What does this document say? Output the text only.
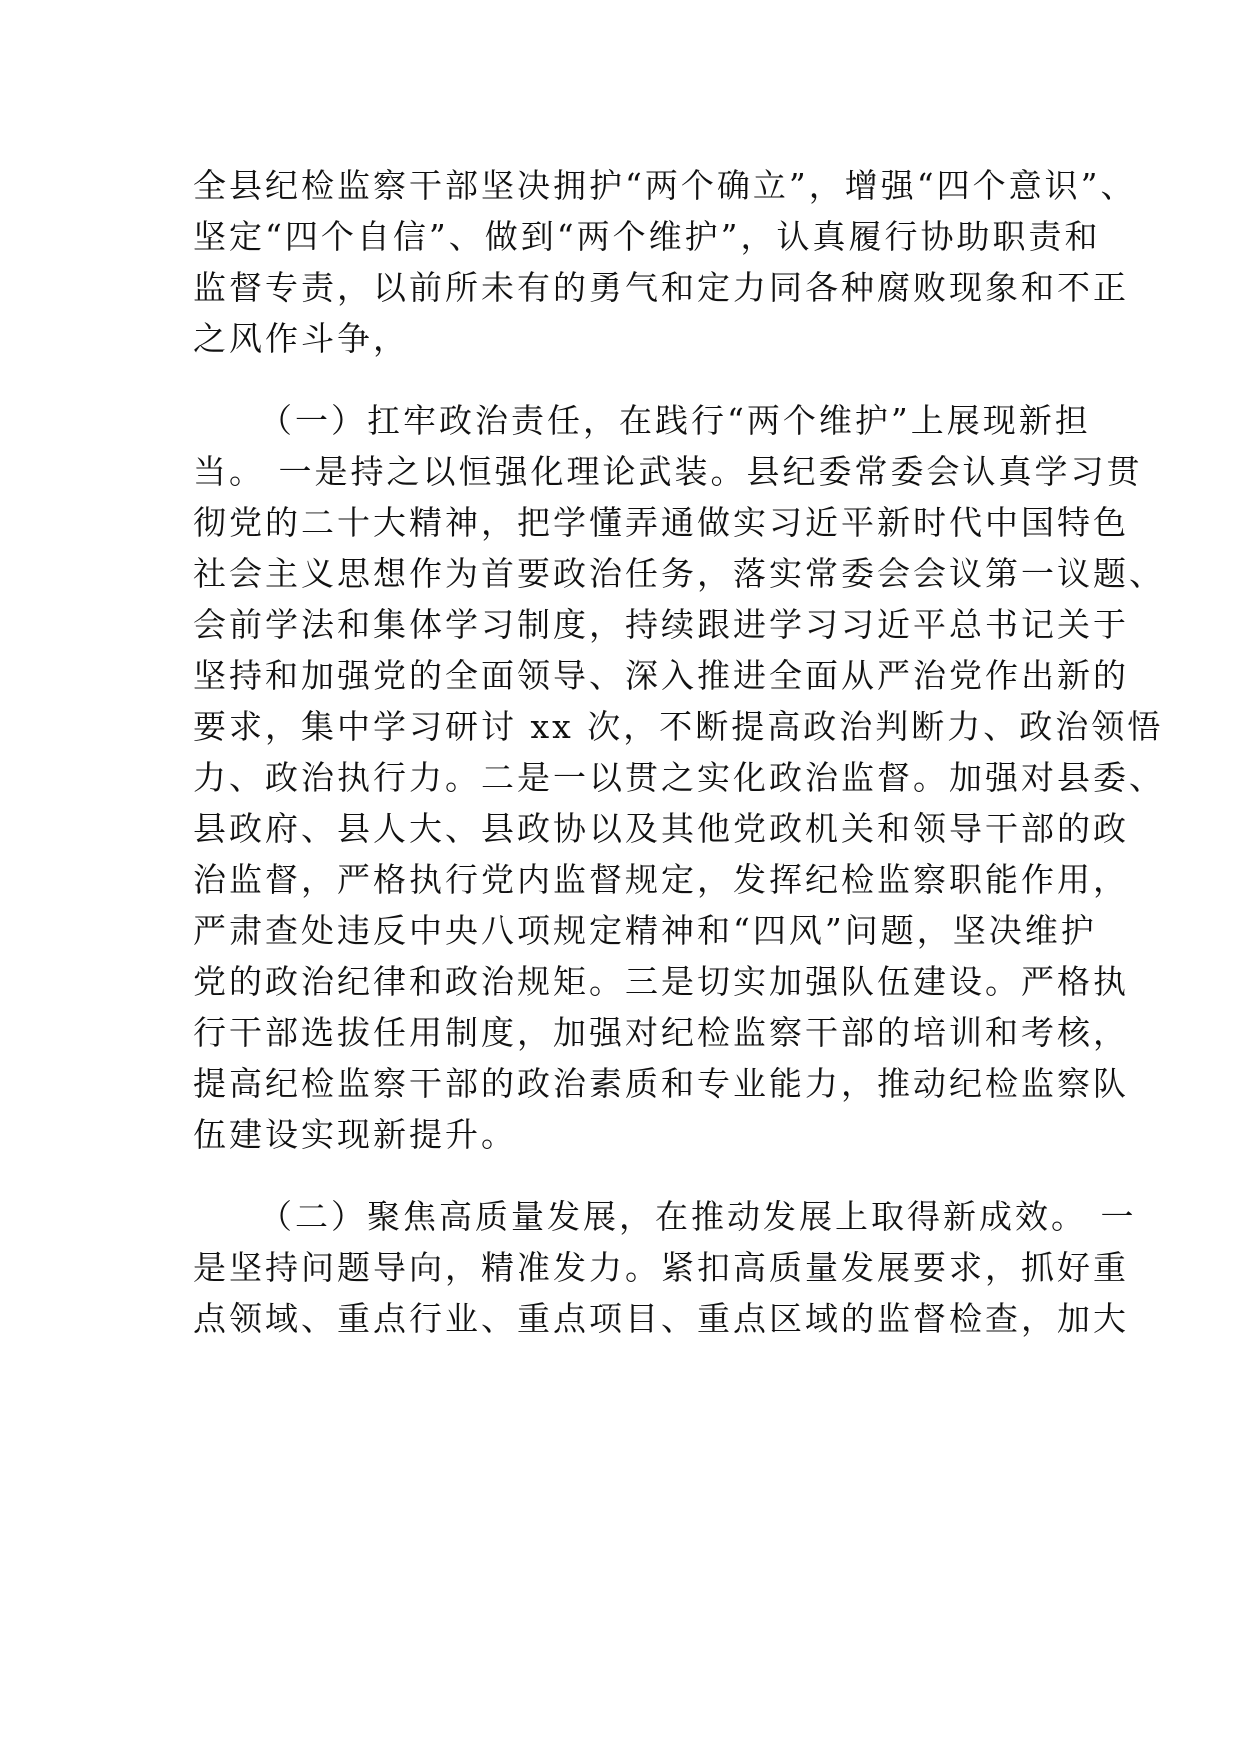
全县纪检监察干部坚决拥护“两个确立”，增强“四个意识”、
坚定“四个自信”、做到“两个维护”，认真履行协助职责和
监督专责，以前所未有的勇气和定力同各种腐败现象和不正
之风作斗争，
（一）扛牢政治责任，在践行“两个维护”上展现新担
当。 一是持之以恒强化理论武装。县纪委常委会认真学习贯
彻党的二十大精神，把学懂弄通做实习近平新时代中国特色
社会主义思想作为首要政治任务，落实常委会会议第一议题、
会前学法和集体学习制度，持续跟进学习习近平总书记关于
坚持和加强党的全面领导、深入推进全面从严治党作出新的
要求，集中学习研讨 xx 次，不断提高政治判断力、政治领悟
力、政治执行力。二是一以贯之实化政治监督。加强对县委、
县政府、县人大、县政协以及其他党政机关和领导干部的政
治监督，严格执行党内监督规定，发挥纪检监察职能作用，
严肃查处违反中央八项规定精神和“四风”问题，坚决维护
党的政治纪律和政治规矩。三是切实加强队伍建设。严格执
行干部选拔任用制度，加强对纪检监察干部的培训和考核，
提高纪检监察干部的政治素质和专业能力，推动纪检监察队
伍建设实现新提升。
（二）聚焦高质量发展，在推动发展上取得新成效。 一
是坚持问题导向，精准发力。紧扣高质量发展要求，抓好重
点领域、重点行业、重点项目、重点区域的监督检查，加大
